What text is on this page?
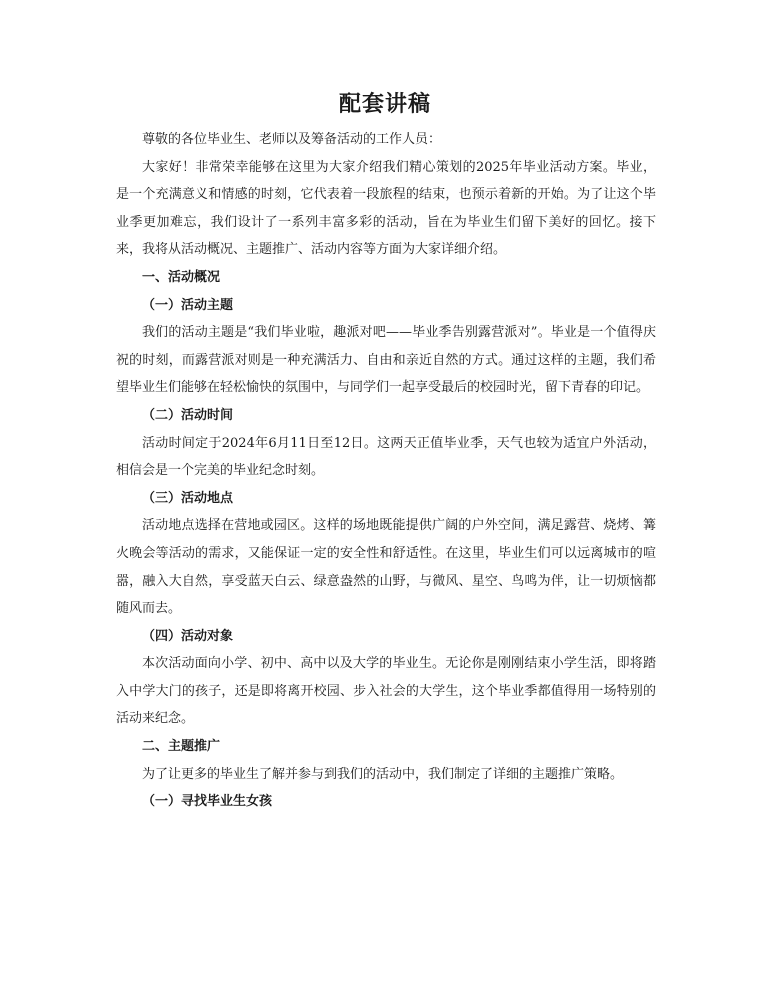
配套讲稿

尊敬的各位毕业生、老师以及筹备活动的工作人员：

大家好！非常荣幸能够在这里为大家介绍我们精心策划的2025年毕业活动方案。毕业，是一个充满意义和情感的时刻，它代表着一段旅程的结束，也预示着新的开始。为了让这个毕业季更加难忘，我们设计了一系列丰富多彩的活动，旨在为毕业生们留下美好的回忆。接下来，我将从活动概况、主题推广、活动内容等方面为大家详细介绍。

一、活动概况

（一）活动主题

我们的活动主题是“我们毕业啦，趣派对吧——毕业季告别露营派对”。毕业是一个值得庆祝的时刻，而露营派对则是一种充满活力、自由和亲近自然的方式。通过这样的主题，我们希望毕业生们能够在轻松愉快的氛围中，与同学们一起享受最后的校园时光，留下青春的印记。

（二）活动时间

活动时间定于2024年6月11日至12日。这两天正值毕业季，天气也较为适宜户外活动，相信会是一个完美的毕业纪念时刻。

（三）活动地点

活动地点选择在营地或园区。这样的场地既能提供广阔的户外空间，满足露营、烧烤、篝火晚会等活动的需求，又能保证一定的安全性和舒适性。在这里，毕业生们可以远离城市的喧嚣，融入大自然，享受蓝天白云、绿意盎然的山野，与微风、星空、鸟鸣为伴，让一切烦恼都随风而去。

（四）活动对象

本次活动面向小学、初中、高中以及大学的毕业生。无论你是刚刚结束小学生活，即将踏入中学大门的孩子，还是即将离开校园、步入社会的大学生，这个毕业季都值得用一场特别的活动来纪念。

二、主题推广

为了让更多的毕业生了解并参与到我们的活动中，我们制定了详细的主题推广策略。

（一）寻找毕业生女孩
